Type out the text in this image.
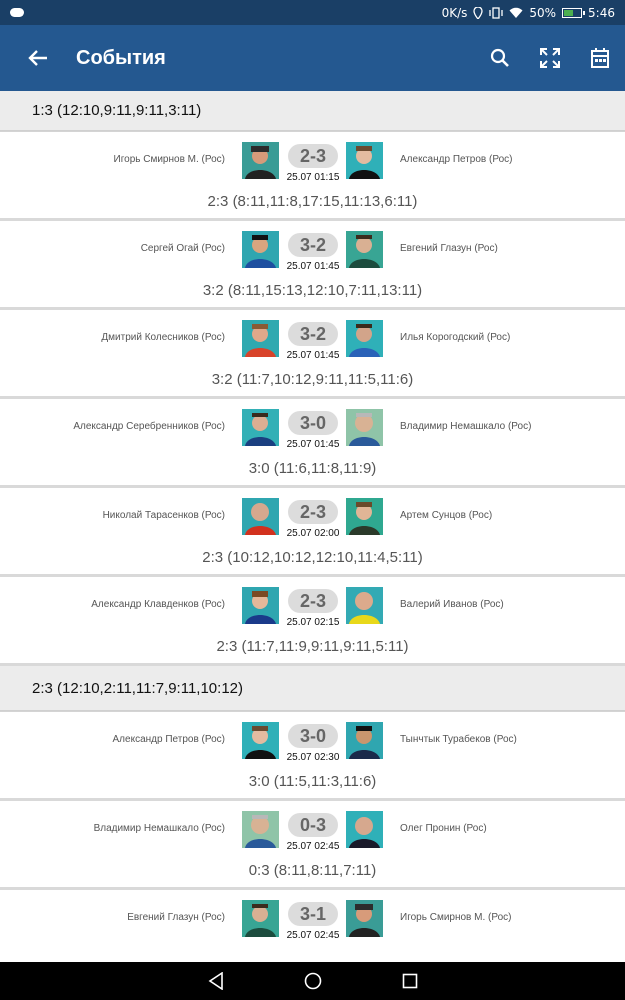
0K/s	50%	5:46
События
1:3 (12:10,9:11,9:11,3:11)
Игорь Смирнов М. (Рос)	2-3	Александр Петров (Рос)
25.07 01:15
2:3 (8:11,11:8,17:15,11:13,6:11)
Сергей Огай (Рос)	3-2	Евгений Глазун (Рос)
25.07 01:45
3:2 (8:11,15:13,12:10,7:11,13:11)
Дмитрий Колесников (Рос)	3-2	Илья Корогодский (Рос)
25.07 01:45
3:2 (11:7,10:12,9:11,11:5,11:6)
Александр Серебренников (Рос)	3-0	Владимир Немашкало (Рос)
25.07 01:45
3:0 (11:6,11:8,11:9)
Николай Тарасенков (Рос)	2-3	Артем Сунцов (Рос)
25.07 02:00
2:3 (10:12,10:12,12:10,11:4,5:11)
Александр Клавденков (Рос)	2-3	Валерий Иванов (Рос)
25.07 02:15
2:3 (11:7,11:9,9:11,9:11,5:11)
2:3 (12:10,2:11,11:7,9:11,10:12)
Александр Петров (Рос)	3-0	Тынчтык Турабеков (Рос)
25.07 02:30
3:0 (11:5,11:3,11:6)
Владимир Немашкало (Рос)	0-3	Олег Пронин (Рос)
25.07 02:45
0:3 (8:11,8:11,7:11)
Евгений Глазун (Рос)	3-1	Игорь Смирнов М. (Рос)
25.07 02:45
